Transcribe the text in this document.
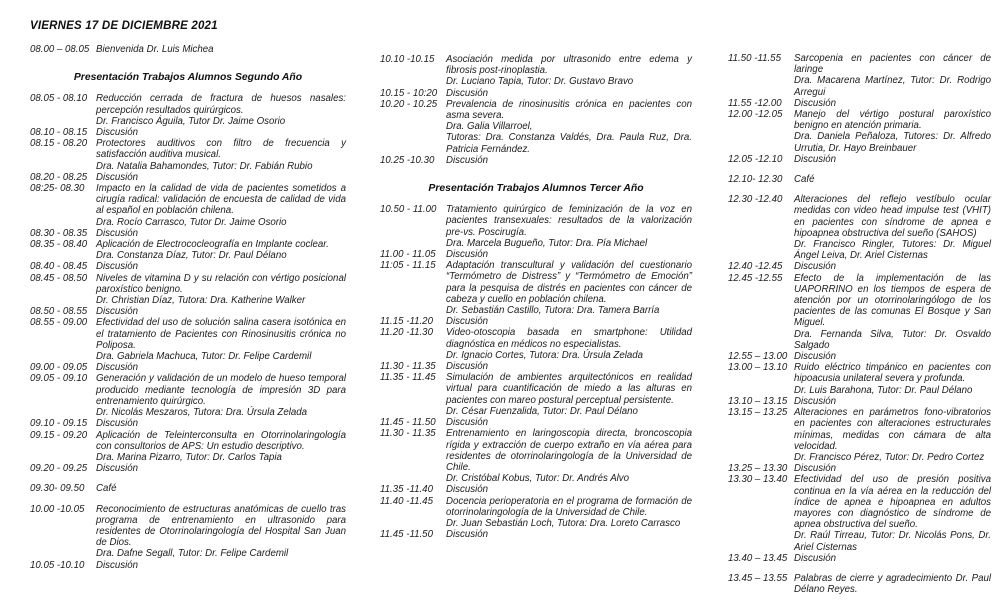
VIERNES 17 DE DICIEMBRE 2021
08.00 – 08.05 Bienvenida Dr. Luis Michea
Presentación Trabajos Alumnos Segundo Año
08.05 - 08.10 Reducción cerrada de fractura de huesos nasales: percepción resultados quirúrgicos.
Dr. Francisco Águila, Tutor Dr. Jaime Osorio
08.10 - 08.15 Discusión
08.15 - 08.20 Protectores auditivos con filtro de frecuencia y satisfacción auditiva musical.
Dra. Natalia Bahamondes, Tutor: Dr. Fabián Rubio
08.20 - 08.25 Discusión
08:25- 08.30	Impacto en la calidad de vida de pacientes sometidos a cirugía radical: validación de encuesta de calidad de vida al español en población chilena.
Dra. Rocío Carrasco, Tutor Dr. Jaime Osorio
08.30 - 08.35 Discusión
08.35 - 08.40 Aplicación de Electrococleografía en Implante coclear.
Dra. Constanza Díaz, Tutor: Dr. Paul Délano
08.40 - 08.45 Discusión
08.45 - 08.50 Niveles de vitamina D y su relación con vértigo posicional paroxístico benigno.
Dr. Christian Díaz, Tutora: Dra. Katherine Walker
08.50 - 08.55 Discusión
08.55 - 09.00 Efectividad del uso de solución salina casera isotónica en el tratamiento de Pacientes con Rinosinusitis crónica no Poliposa.
Dra. Gabriela Machuca, Tutor: Dr. Felipe Cardemil
09.00 - 09.05 Discusión
09.05 - 09.10 Generación y validación de un modelo de hueso temporal producido mediante tecnología de impresión 3D para entrenamiento quirúrgico.
Dr. Nicolás Meszaros, Tutora: Dra. Úrsula Zelada
09.10 - 09.15 Discusión
09.15 - 09.20 Aplicación de Teleinterconsulta en Otorrinolaringología con consultorios de APS: Un estudio descriptivo.
Dra. Marina Pizarro, Tutor: Dr. Carlos Tapia
09.20 - 09.25 Discusión
09.30- 09.50	Café
10.00 -10.05	Reconocimiento de estructuras anatómicas de cuello tras programa de entrenamiento en ultrasonido para residentes de Otorrinolaringología del Hospital San Juan de Dios.
Dra. Dafne Segall, Tutor: Dr. Felipe Cardemil
10.05 -10.10	Discusión
10.10 -10.15	Asociación medida por ultrasonido entre edema y fibrosis post-rinoplastia.
Dr. Luciano Tapia, Tutor: Dr. Gustavo Bravo
10.15 - 10:20 Discusión
10.20 - 10.25 Prevalencia de rinosinusitis crónica en pacientes con asma severa.
Dra. Galia Villarroel,
Tutoras: Dra. Constanza Valdés, Dra. Paula Ruz, Dra. Patricia Fernández.
10.25 -10.30	Discusión
Presentación Trabajos Alumnos Tercer Año
10.50 - 11.00 Tratamiento quirúrgico de feminización de la voz en pacientes transexuales: resultados de la valorización pre-vs. Poscirugía.
Dra. Marcela Bugueño, Tutor: Dra. Pía Michael
11.00 - 11.05	Discusión
11:05 - 11.15	Adaptación transcultural y validación del cuestionario “Termómetro de Distress” y “Termómetro de Emoción” para la pesquisa de distrés en pacientes con cáncer de cabeza y cuello en población chilena.
Dr. Sebastián Castillo, Tutora: Dra. Tamera Barría
11.15 -11.20	Discusión
11.20 -11.30	Video-otoscopia basada en smartphone: Utilidad diagnóstica en médicos no especialistas.
Dr. Ignacio Cortes, Tutora: Dra. Úrsula Zelada
11.30 - 11.35	Discusión
11.35 - 11.45	Simulación de ambientes arquitectónicos en realidad virtual para cuantificación de miedo a las alturas en pacientes con mareo postural perceptual persistente.
Dr. César Fuenzalida, Tutor: Dr. Paul Délano
11.45 - 11.50	Discusión
11.30 - 11.35	Entrenamiento en laringoscopia directa, broncoscopia rígida y extracción de cuerpo extraño en vía aérea para residentes de otorrinolaringología de la Universidad de Chile.
Dr. Cristóbal Kobus, Tutor: Dr. Andrés Alvo
11.35 -11.40	Discusión
11.40 -11.45	Docencia perioperatoria en el programa de formación de otorrinolaringología de la Universidad de Chile.
Dr. Juan Sebastián Loch, Tutora: Dra. Loreto Carrasco
11.45 -11.50	Discusión
11.50 -11.55	Sarcopenia en pacientes con cáncer de laringe
Dra. Macarena Martínez, Tutor: Dr. Rodrigo Arregui
11.55 -12.00	Discusión
12.00 -12.05	Manejo del vértigo postural paroxístico benigno en atención primaria.
Dra. Daniela Peñaloza, Tutores: Dr. Alfredo Urrutia, Dr. Hayo Breinbauer
12.05 -12.10	Discusión
12.10- 12.30	Café
12.30 -12.40	Alteraciones del reflejo vestíbulo ocular medidas con video head impulse test (VHIT) en pacientes con síndrome de apnea e hipoapnea obstructiva del sueño (SAHOS)
Dr. Francisco Ringler, Tutores: Dr. Miguel Ángel Leiva, Dr. Ariel Cisternas
12.40 -12.45	Discusión
12.45 -12.55	Efecto de la implementación de las UAPORRINO en los tiempos de espera de atención por un otorrinolaringólogo de los pacientes de las comunas El Bosque y San Miguel.
Dra. Fernanda Silva, Tutor: Dr. Osvaldo Salgado
12.55 – 13.00 Discusión
13.00 – 13.10 Ruido eléctrico timpánico en pacientes con hipoacusia unilateral severa y profunda.
Dr. Luis Barahona, Tutor: Dr. Paul Délano
13.10 – 13.15 Discusión
13.15 – 13.25 Alteraciones en parámetros fono-vibratorios en pacientes con alteraciones estructurales mínimas, medidas con cámara de alta velocidad.
Dr. Francisco Pérez, Tutor: Dr. Pedro Cortez
13.25 – 13.30 Discusión
13.30 – 13.40 Efectividad del uso de presión positiva continua en la vía aérea en la reducción del índice de apnea e hipoapnea en adultos mayores con diagnóstico de síndrome de apnea obstructiva del sueño.
Dr. Raúl Tirreau, Tutor: Dr. Nicolás Pons, Dr. Ariel Cisternas
13.40 – 13.45 Discusión
13.45 – 13.55 Palabras de cierre y agradecimiento Dr. Paul Délano Reyes.
